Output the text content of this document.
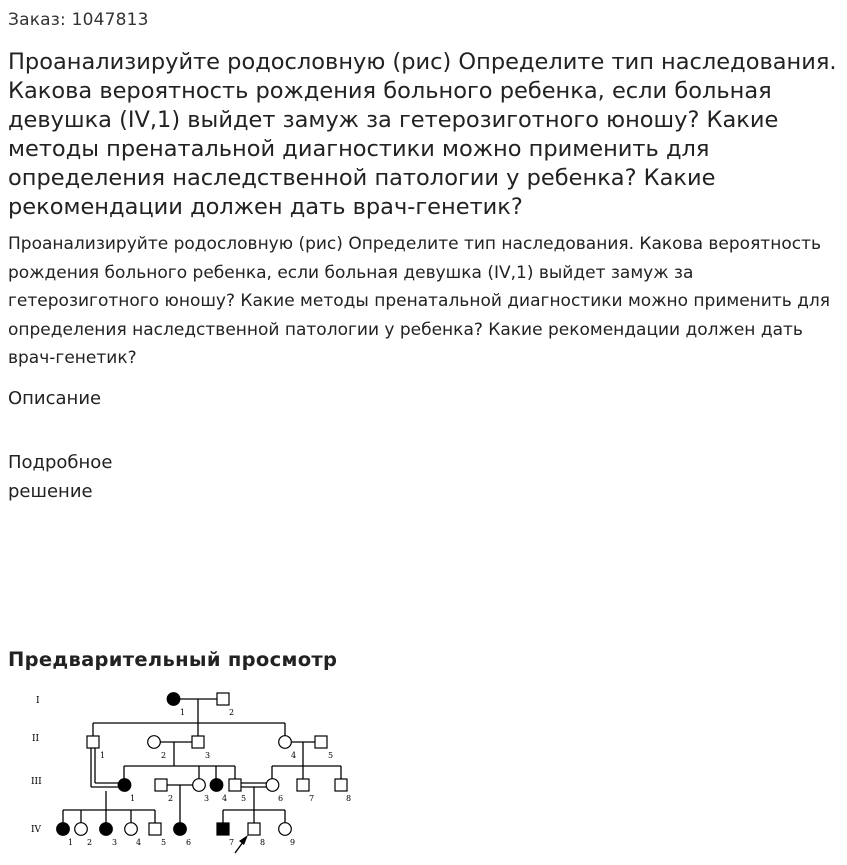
Заказ: 1047813
Проанализируйте родословную (рис) Определите тип наследования. Какова вероятность рождения больного ребенка, если больная девушка (IV,1) выйдет замуж за гетерозиготного юношу? Какие методы пренатальной диагностики можно применить для определения наследственной патологии у ребенка? Какие рекомендации должен дать врач-генетик?
Проанализируйте родословную (рис) Определите тип наследования. Какова вероятность рождения больного ребенка, если больная девушка (IV,1) выйдет замуж за гетерозиготного юношу? Какие методы пренатальной диагностики можно применить для определения наследственной патологии у ребенка? Какие рекомендации должен дать врач-генетик?
Описание
Подробное решение
Предварительный просмотр
I
II
III
IV
1	2
1	2	3	4	5
1	2	3 4 5	6	7	8
1 2 3 4 5 6	7	8	9
